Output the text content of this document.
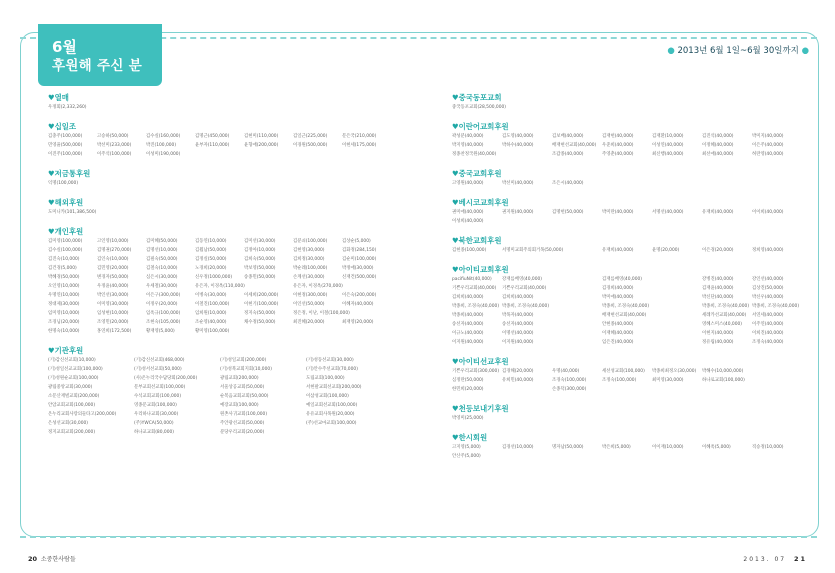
6월
후원해 주신 분
● 2013년 6월 1일~6월 30일까지 ●
♥열매
우정회(2,332,260)
♥십일조
김충주(100,000)	고승하(50,000)	김수실(160,000)	김명근(450,000)	김현미(110,000)	김일근(225,000)	문은국(210,000)
민영율(500,000)	박선미(233,000)	박진(100,000)	윤부자(110,000)	윤형애(200,000)	이경원(500,000)	이현세(175,000)
이진주(100,000)	이주석(100,000)	이성미(190,000)
♥저금통후원
익명(100,000)
♥해외후원
도미니카(101,386,500)
♥개인후원
김미영(100,000)	고인영(10,000)	김미혜(50,000)	김동연(10,000)	김미선(30,000)	김분쇠(100,000)	김상순(5,000)
김수실(100,000)	김명권(270,000)	김명선(10,000)	김월남(50,000)	김정아(10,000)	김현영(30,000)	김화정(284,150)
김진숙(10,000)	김인숙(10,000)	김필숙(50,000)	김정실(50,000)	김희숙(50,000)	김희정(30,000)	김순미(100,000)
김건경(5,000)	김민영(20,000)	김철숙(10,000)	노경희(20,000)	박보영(50,000)	박순례(100,000)	박정애(30,000)
박혜경(50,000)	변경자(50,000)	심은시(30,000)	신우정(1000,000)	송종민(50,000)	손계선(30,000)	신재건(500,000)
오인영(10,000)	우정윤(40,000)	우세철(30,000)	유은자, 이경옥(110,000)	유은자, 이경옥(270,000)
우명연(10,000)	박인선(30,000)	이은구(300,000)	이병숙(30,000)	이세희(200,000)	이현정(300,000)	이은숙(200,000)
정대제(30,000)	이미영(30,000)	이정우(20,000)	이철진(100,000)	이현기(100,000)	이인선(50,000)	이혜자(40,000)
임미영(10,000)	임성현(10,000)	임옥규(100,000)	임희원(10,000)	정지숙(50,000)	정은정, 이난, 이철(100,000)
조경님(20,000)	조영민(20,000)	조현숙(105,000)	조순영(40,000)	채수정(50,000)	최진혜(20,000)	최재영(20,000)
한명숙(10,000)	홍연희(172,500)	황재영(5,000)	황미영(100,000)
♥기관후원
(기)감신선교회(10,000)	(기)감신선교회(468,000)	(기)성일교회(200,000)	(기)성동선교회(30,000)
(기)성일선교교회(100,000)	(기)성서선교회(50,000)	(기)성북교회지회(10,000)	(기)안수주선교회(70,000)
(기)성원순교회(100,000)	(사)온누리국수담당회(200,000)	광림교회(200,000)	도림교회(100,000)
광림중앙교회(30,000)	문부교회선교회(100,000)	서울상공교회(50,000)	서현팔교회선교회(200,000)
소문산재벌교회(200,000)	수석교회교회(100,000)	순복음교회교회(50,000)	이삼성교회(100,000)
안암교회교회(100,000)	영종문교회(100,000)	예장교회(100,000)	예일교회선교회(100,000)
온누리교회사랑의둘타고(200,000)	우리하나교회(30,000)	원촌사귀교회(100,000)	유유교회사목원(20,000)
은성선교회(30,000)	(주)YWCA(50,000)	주안광선교회(50,000)	(주)선교마교회(100,000)
정지교회교회(200,000)	하나교교회(80,000)	분당우리교회(20,000)
♥중국동포교회
중국동포교회(28,500,000)
♥이란어교회후원
곽성분(40,000)	김도영(40,000)	김보배(40,000)	김재헌(40,000)	김재환(10,000)	김진석(40,000)	박미지(40,000)
박지영(40,000)	박하수(40,000)	배재현선교회(40,000)	우준희(40,000)	이성연(40,000)	이정혜(40,000)	이은주(40,000)
정종찬정국원(40,000)	조갑종(40,000)	주영춘(40,000)	최신행(40,000)	최선애(40,000)	허란영(40,000)
♥중국교회후원
고영원(40,000)	박선미(40,000)	조은시(40,000)
♥베시코교회후원
권미애(40,000)	권지원(40,000)	김명헌(50,000)	박미란(40,000)	서명선(40,000)	유재희(40,000)	이이희(40,000)
이성희(40,000)
♥북한교회후원
김현종(100,000)	서명미교회주의회거목(50,000)	유재희(40,000)	윤명(20,000)	이은경(20,000)	정희영(40,000)
♥아이티교회후원
pacifiuNit(40,000)	강재를배영(40,000)	김재를배영(40,000)	강병진(40,000)	강인선(40,000)
기쁜우리교회(40,000)	기쁜우리교회(40,000)	김경희(40,000)	김재윤(40,000)	김상진(50,000)
김희희(40,000)	김희희(40,000)	박미애(40,000)	박신단(40,000)	박신우(40,000)
박종희, 조경숙(40,000) 박종희, 조경숙(40,000)	박종희, 조경숙(40,000)	박종희, 조경숙(40,000) 박종희, 조경숙(40,000)
박종희(40,000)	박목자(40,000)	배재현선교회(40,000)	세례카선교회(40,000)	서연세(40,000)
송선자(40,000)	송선자(40,000)	안현종(40,000)	영혜스미스(40,000)	이주연(40,000)
이규노(40,000)	이명선(40,000)	이재혜(40,000)	이현지(40,000)	이희진(40,000)
이지원(40,000)	이지원(40,000)	임은진(40,000)	정유림(40,000)	조정숙(40,000)
♥아이티선교후원
기쁜우리교회(300,000) 김경해(20,000)	우명(40,000)	세선성교회(100,000)	박종희최정오(30,000)	박해수(10,000,000)
심정란(50,000)	유희민(40,000)	조경숙(100,000)	조정숙(100,000)	최미영(30,000)	하나로교회(100,000)
한민희(20,000)	손종덕(300,000)
♥천등보내기후원
박영미(25,000)
♥한시회원
고지영(5,000)	김경선(10,000)	명자남(50,000)	박은희(5,000)	이이재(10,000)	이혜옥(5,000)	직승정(10,000)
안산주(5,000)
20 소중한사람들	2013. 07 21
